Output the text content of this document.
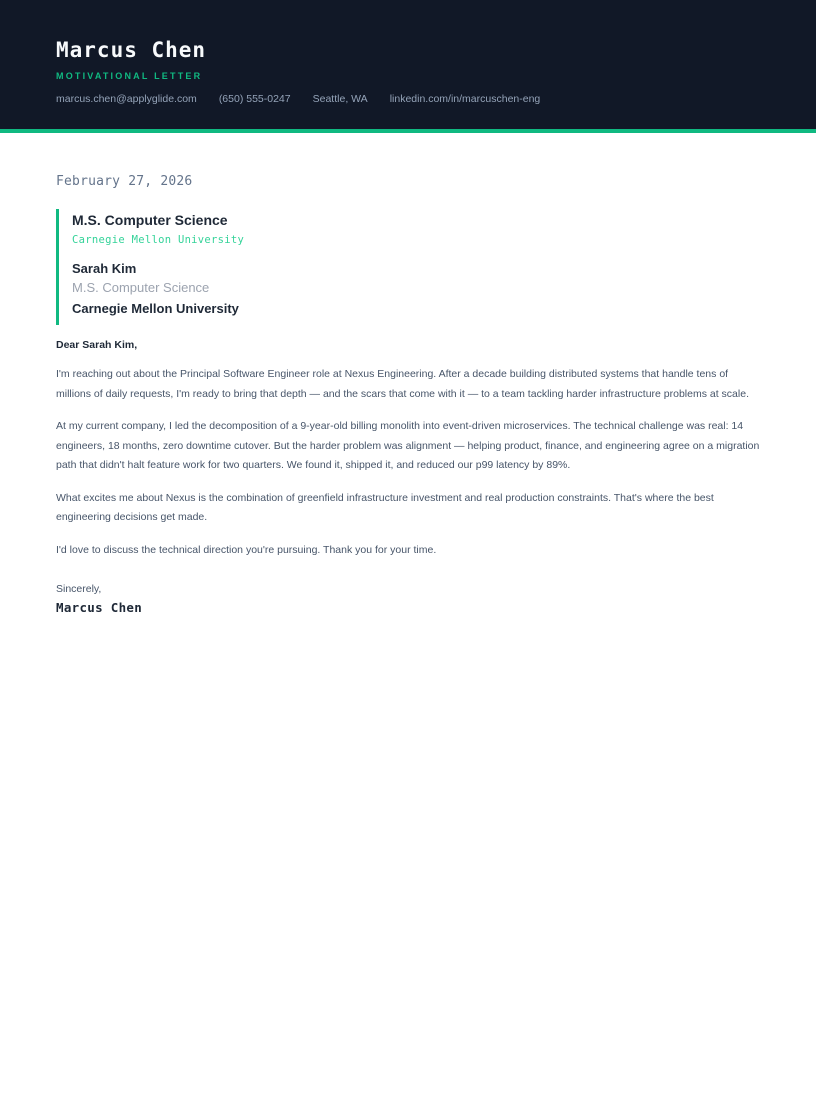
Marcus Chen
MOTIVATIONAL LETTER
marcus.chen@applyglide.com (650) 555-0247 Seattle, WA linkedin.com/in/marcuschen-eng
February 27, 2026
M.S. Computer Science
Carnegie Mellon University
Sarah Kim
M.S. Computer Science
Carnegie Mellon University
Dear Sarah Kim,

I'm reaching out about the Principal Software Engineer role at Nexus Engineering. After a decade building distributed systems that handle tens of millions of daily requests, I'm ready to bring that depth — and the scars that come with it — to a team tackling harder infrastructure problems at scale.

At my current company, I led the decomposition of a 9-year-old billing monolith into event-driven microservices. The technical challenge was real: 14 engineers, 18 months, zero downtime cutover. But the harder problem was alignment — helping product, finance, and engineering agree on a migration path that didn't halt feature work for two quarters. We found it, shipped it, and reduced our p99 latency by 89%.

What excites me about Nexus is the combination of greenfield infrastructure investment and real production constraints. That's where the best engineering decisions get made.

I'd love to discuss the technical direction you're pursuing. Thank you for your time.

Sincerely,
Marcus Chen
